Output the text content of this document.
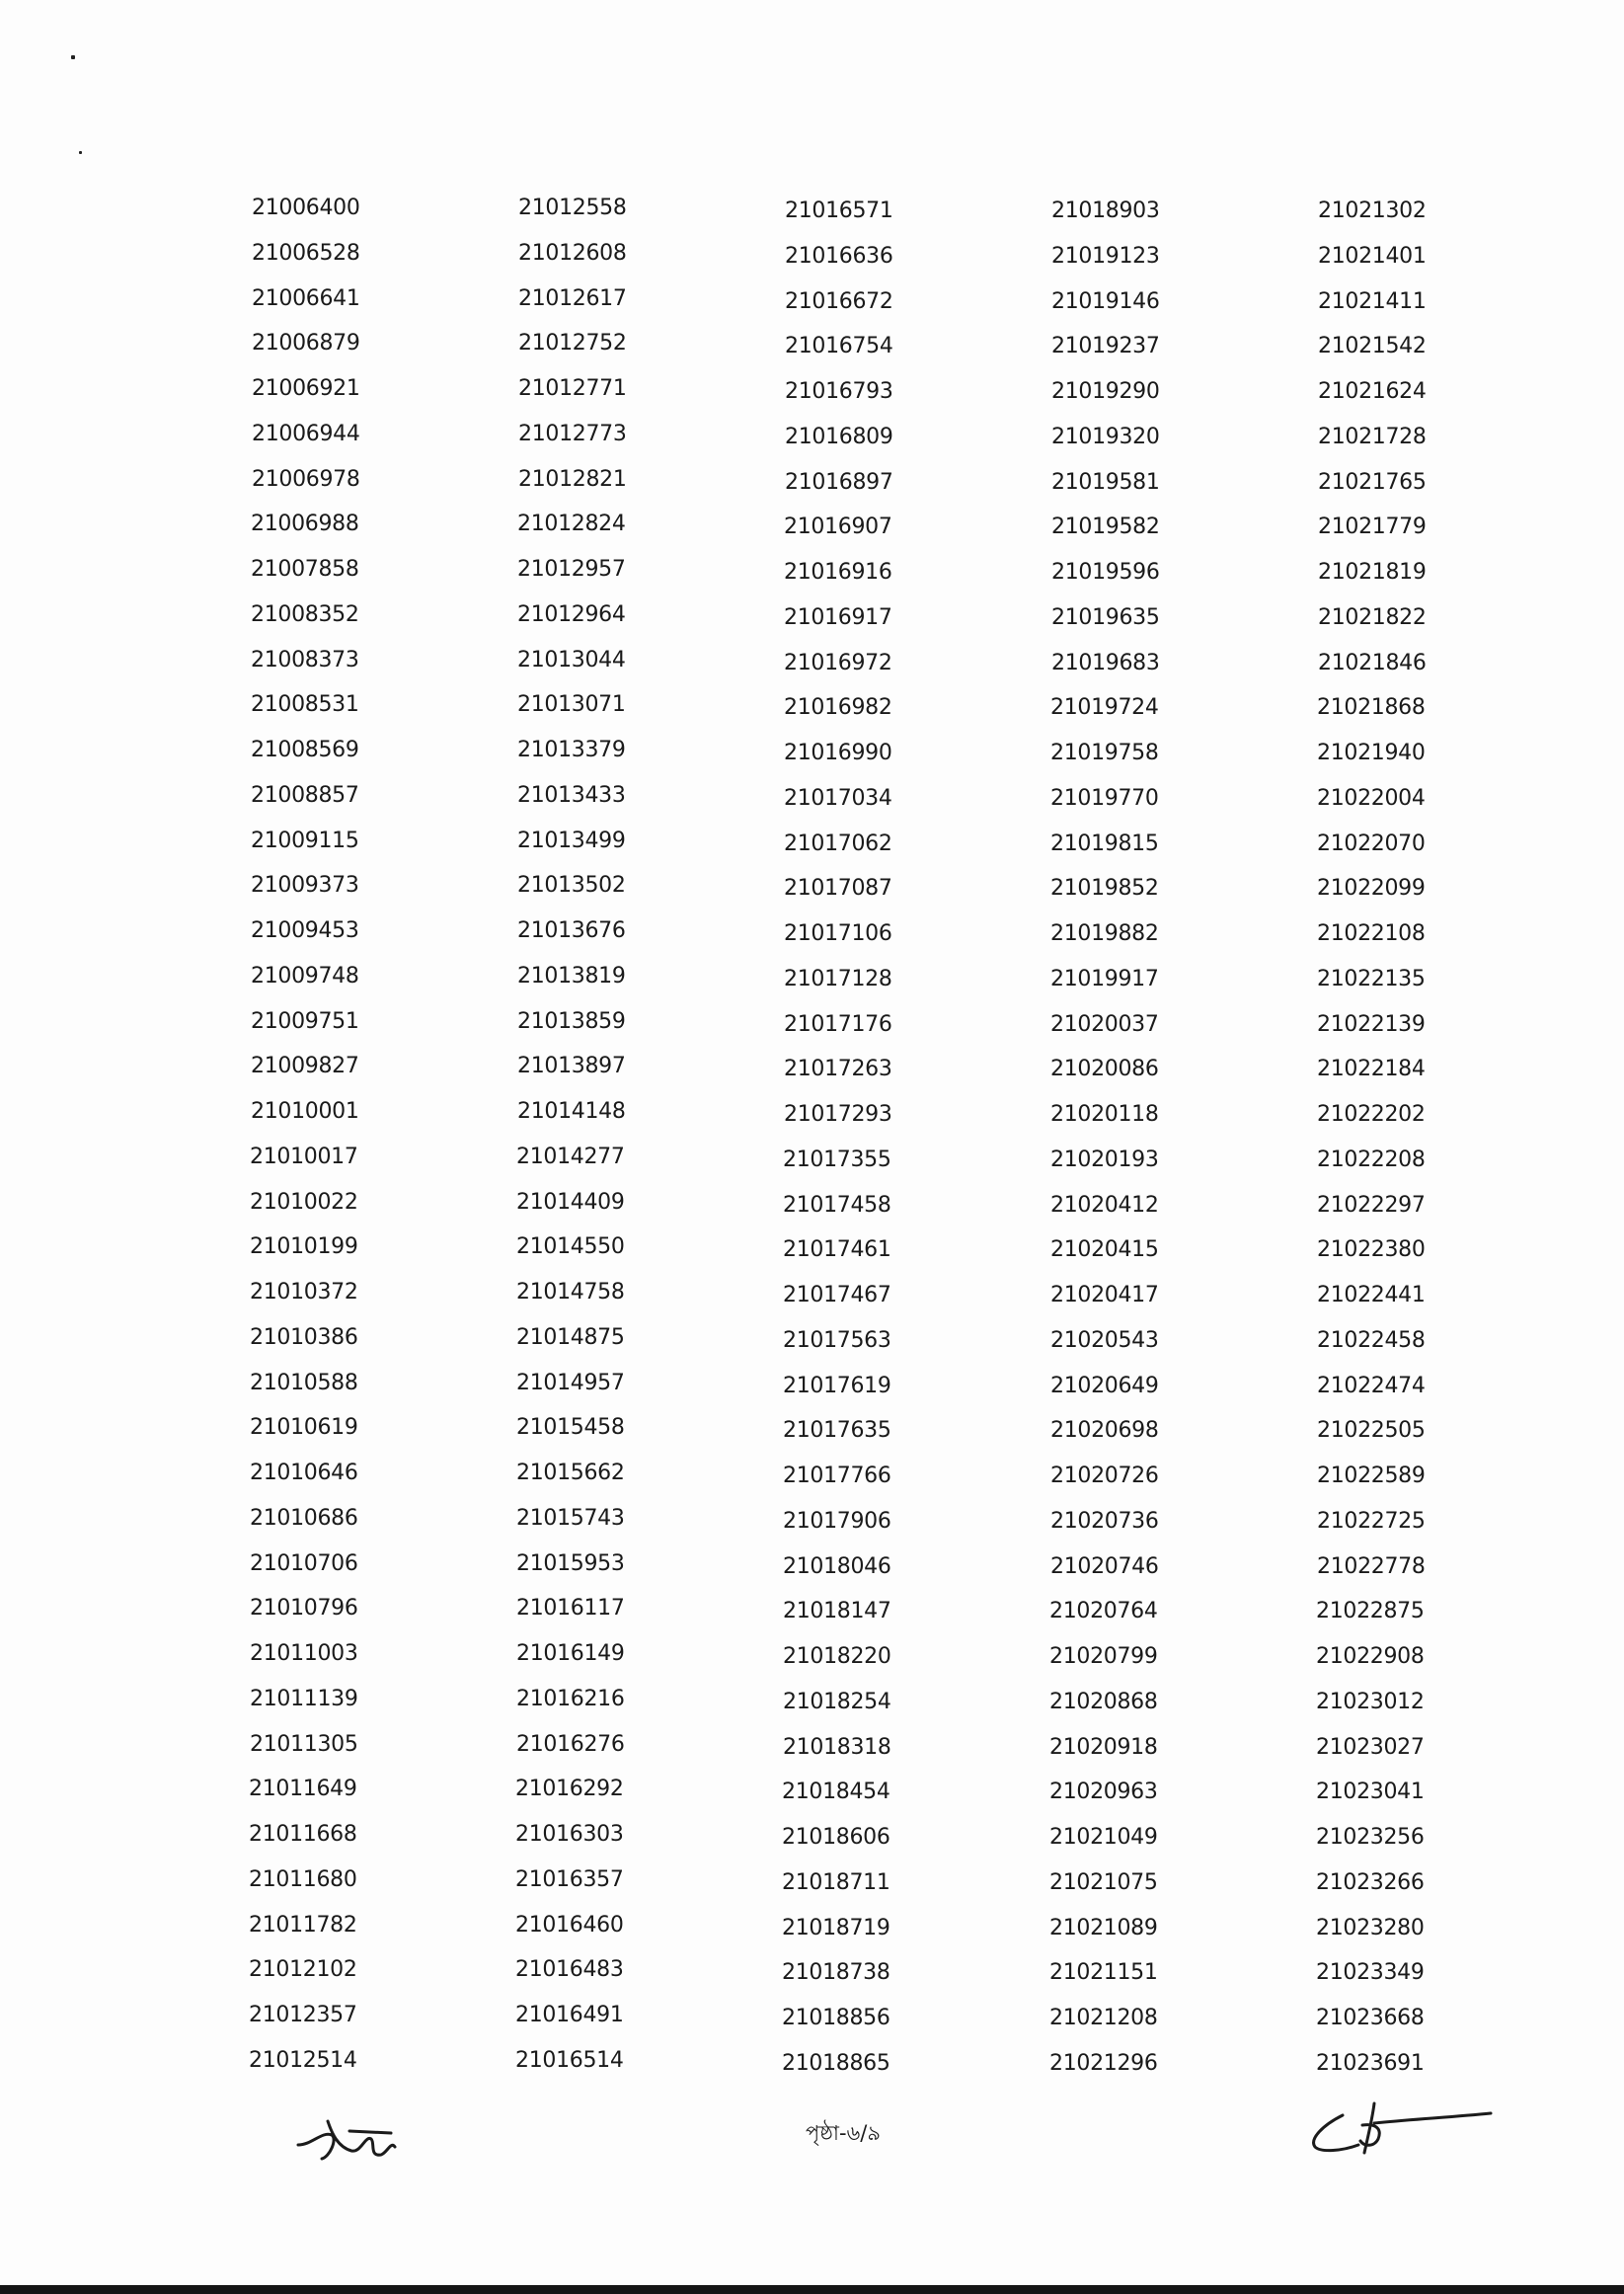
21006400	21012558	21016571	21018903	21021302
21006528	21012608	21016636	21019123	21021401
21006641	21012617	21016672	21019146	21021411
21006879	21012752	21016754	21019237	21021542
21006921	21012771	21016793	21019290	21021624
21006944	21012773	21016809	21019320	21021728
21006978	21012821	21016897	21019581	21021765
21006988	21012824	21016907	21019582	21021779
21007858	21012957	21016916	21019596	21021819
21008352	21012964	21016917	21019635	21021822
21008373	21013044	21016972	21019683	21021846
21008531	21013071	21016982	21019724	21021868
21008569	21013379	21016990	21019758	21021940
21008857	21013433	21017034	21019770	21022004
21009115	21013499	21017062	21019815	21022070
21009373	21013502	21017087	21019852	21022099
21009453	21013676	21017106	21019882	21022108
21009748	21013819	21017128	21019917	21022135
21009751	21013859	21017176	21020037	21022139
21009827	21013897	21017263	21020086	21022184
21010001	21014148	21017293	21020118	21022202
21010017	21014277	21017355	21020193	21022208
21010022	21014409	21017458	21020412	21022297
21010199	21014550	21017461	21020415	21022380
21010372	21014758	21017467	21020417	21022441
21010386	21014875	21017563	21020543	21022458
21010588	21014957	21017619	21020649	21022474
21010619	21015458	21017635	21020698	21022505
21010646	21015662	21017766	21020726	21022589
21010686	21015743	21017906	21020736	21022725
21010706	21015953	21018046	21020746	21022778
21010796	21016117	21018147	21020764	21022875
21011003	21016149	21018220	21020799	21022908
21011139	21016216	21018254	21020868	21023012
21011305	21016276	21018318	21020918	21023027
21011649	21016292	21018454	21020963	21023041
21011668	21016303	21018606	21021049	21023256
21011680	21016357	21018711	21021075	21023266
21011782	21016460	21018719	21021089	21023280
21012102	21016483	21018738	21021151	21023349
21012357	21016491	21018856	21021208	21023668
21012514	21016514	21018865	21021296	21023691
পৃষ্ঠা-৬/৯
